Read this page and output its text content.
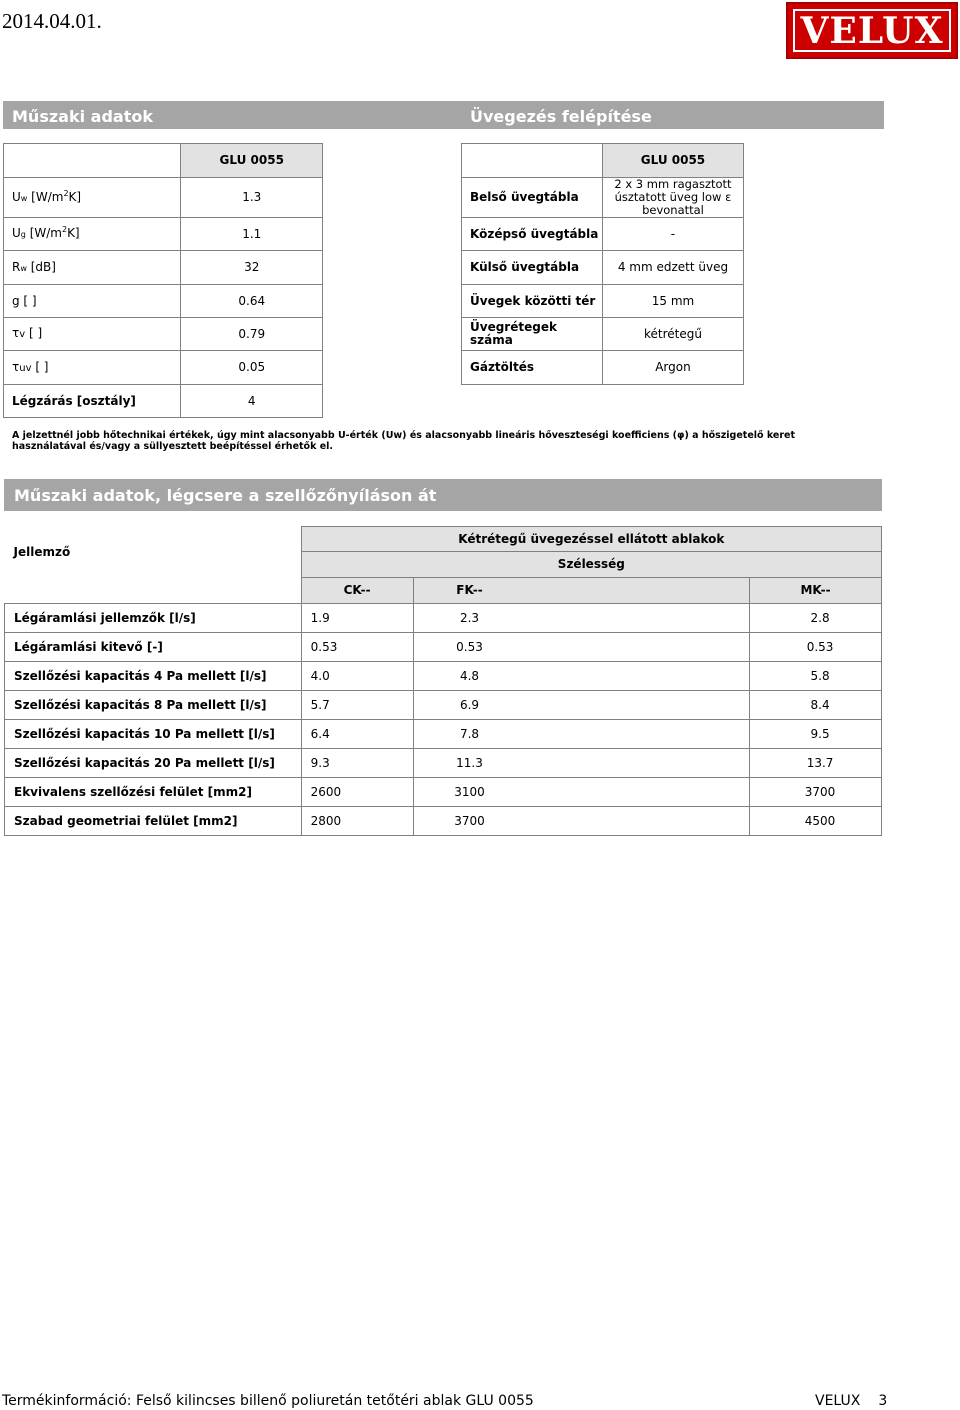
2014.04.01.	VELUX
Műszaki adatok	Üvegezés felépítése
	GLU 0055
Uw $[W/m^2K]$	1.3
Ug $[W/m^2K]$	1.1
Rw [dB]	32
g [ ]	0.64
τv [ ]	0.79
τuv [ ]	0.05
Légzárás [osztály]	4
	GLU 0055
Belső üvegtábla	2 x 3 mm ragasztott úsztatott üveg low ε bevonattal
Középső üvegtábla	-
Külső üvegtábla	4 mm edzett üveg
Üvegek közötti tér	15 mm
Üvegrétegek száma	kétrétegű
Gáztöltés	Argon
A jelzettnél jobb hőtechnikai értékek, úgy mint alacsonyabb U-érték (Uw) és alacsonyabb lineáris hőveszteségi koefficiens (φ) a hőszigetelő keret használatával és/vagy a süllyesztett beépítéssel érhetők el.
Műszaki adatok, légcsere a szellőzőnyíláson át
Jellemző	Kétrétegű üvegezéssel ellátott ablakok		
	Szélesség		
	CK--	FK--	MK--
Légáramlási jellemzők [l/s]	1.9	2.3	2.8
Légáramlási kitevő [-]	0.53	0.53	0.53
Szellőzési kapacitás 4 Pa mellett [l/s]	4.0	4.8	5.8
Szellőzési kapacitás 8 Pa mellett [l/s]	5.7	6.9	8.4
Szellőzési kapacitás 10 Pa mellett [l/s]	6.4	7.8	9.5
Szellőzési kapacitás 20 Pa mellett [l/s]	9.3	11.3	13.7
Ekvivalens szellőzési felület [mm2]	2600	3100	3700
Szabad geometriai felület [mm2]	2800	3700	4500
Termékinformáció: Felső kilincses billenő poliuretán tetőtéri ablak GLU 0055	VELUX 3
